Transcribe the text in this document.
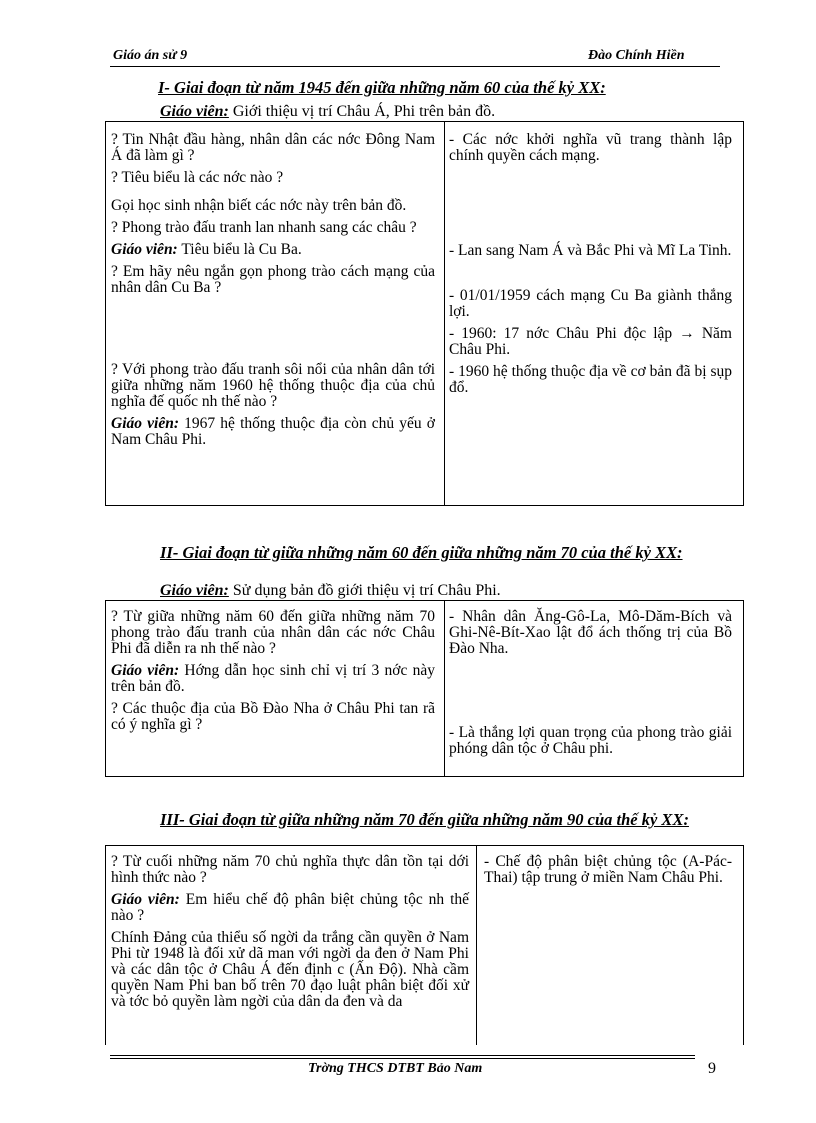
Giáo án sử 9	Đào Chính Hiền
I- Giai đoạn từ năm 1945 đến giữa những năm 60 của thế kỷ XX:
Giáo viên: Giới thiệu vị trí Châu Á, Phi trên bản đồ.

? Tin Nhật đầu hàng, nhân dân các nớc Đông Nam Á đã làm gì ?

? Tiêu biểu là các nớc nào ?

Gọi học sinh nhận biết các nớc này trên bản đồ.

? Phong trào đấu tranh lan nhanh sang các châu ?

Giáo viên: Tiêu biểu là Cu Ba.

? Em hãy nêu ngắn gọn phong trào cách mạng của nhân dân Cu Ba ?

? Với phong trào đấu tranh sôi nổi của nhân dân tới giữa những năm 1960 hệ thống thuộc địa của chủ nghĩa đế quốc nh thế nào ?

Giáo viên: 1967 hệ thống thuộc địa còn chủ yếu ở Nam Châu Phi.

- Các nớc khởi nghĩa vũ trang thành lập chính quyền cách mạng.

- Lan sang Nam Á và Bắc Phi và Mĩ La Tinh.

- 01/01/1959 cách mạng Cu Ba giành thắng lợi.

- 1960: 17 nớc Châu Phi độc lập → Năm Châu Phi.

- 1960 hệ thống thuộc địa về cơ bản đã bị sụp đổ.

II- Giai đoạn từ giữa những năm 60 đến giữa những năm 70 của thế kỷ XX:
Giáo viên: Sử dụng bản đồ giới thiệu vị trí Châu Phi.

? Từ giữa những năm 60 đến giữa những năm 70 phong trào đấu tranh của nhân dân các nớc Châu Phi đã diễn ra nh thế nào ?

Giáo viên: Hớng dẫn học sinh chỉ vị trí 3 nớc này trên bản đồ.

? Các thuộc địa của Bồ Đào Nha ở Châu Phi tan rã có ý nghĩa gì ?

- Nhân dân Ăng-Gô-La, Mô-Dăm-Bích và Ghi-Nê-Bít-Xao lật đổ ách thống trị của Bồ Đào Nha.

- Là thắng lợi quan trọng của phong trào giải phóng dân tộc ở Châu phi.

III- Giai đoạn từ giữa những năm 70 đến giữa những năm 90 của thế kỷ XX:

? Từ cuối những năm 70 chủ nghĩa thực dân tồn tại dới hình thức nào ?

Giáo viên: Em hiểu chế độ phân biệt chủng tộc nh thế nào ?

Chính Đảng của thiểu số ngời da trắng cần quyền ở Nam Phi từ 1948 là đối xử dã man với ngời da đen ở Nam Phi và các dân tộc ở Châu Á đến định c (Ấn Độ). Nhà cầm quyền Nam Phi ban bố trên 70 đạo luật phân biệt đối xử và tớc bỏ quyền làm ngời của dân da đen và da

- Chế độ phân biệt chủng tộc (A-Pác-Thai) tập trung ở miền Nam Châu Phi.

Trờng THCS DTBT Bảo Nam	9
